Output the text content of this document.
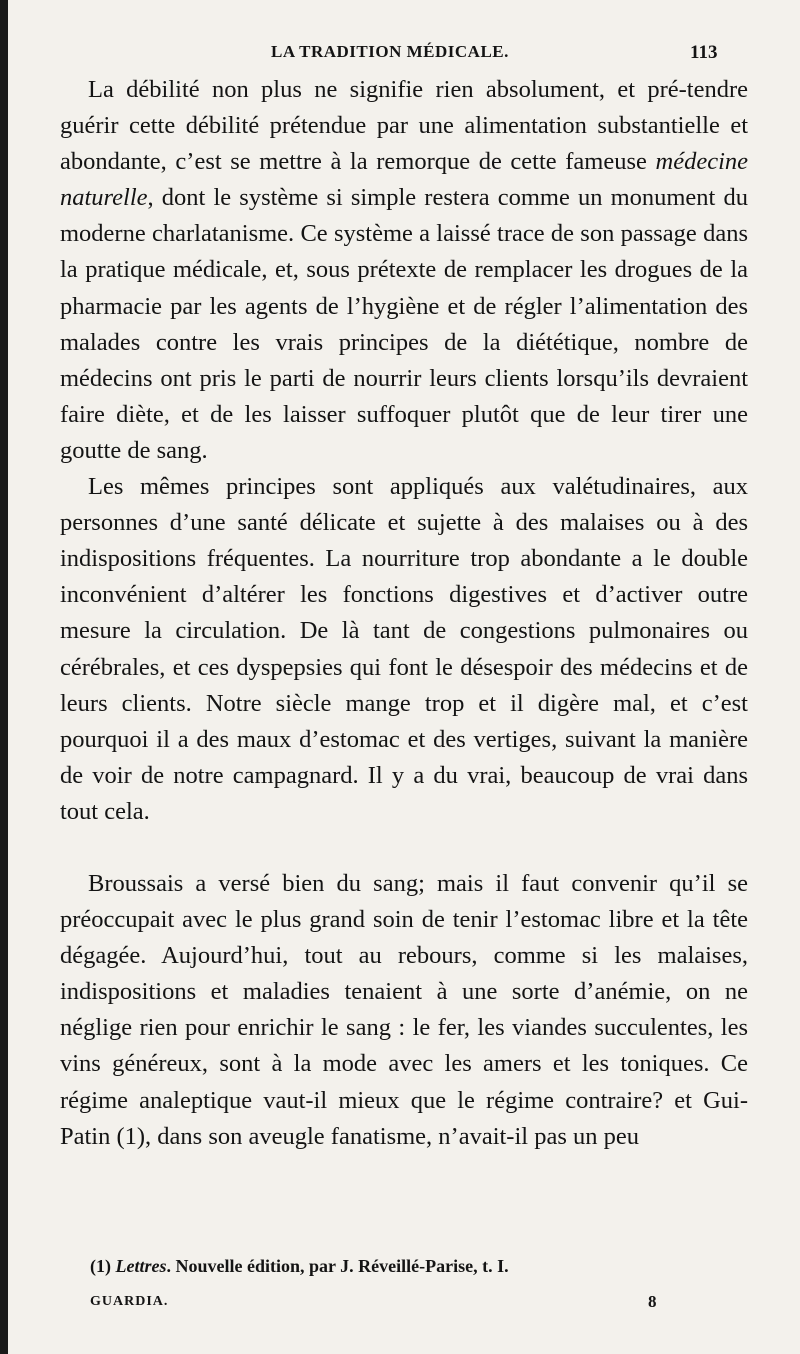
LA TRADITION MÉDICALE.	113

La débilité non plus ne signifie rien absolument, et pré-tendre guérir cette débilité prétendue par une alimentation substantielle et abondante, c’est se mettre à la remorque de cette fameuse médecine naturelle, dont le système si simple restera comme un monument du moderne charlatanisme. Ce système a laissé trace de son passage dans la pratique médicale, et, sous prétexte de remplacer les drogues de la pharmacie par les agents de l’hygiène et de régler l’alimentation des malades contre les vrais principes de la diététique, nombre de médecins ont pris le parti de nourrir leurs clients lorsqu’ils devraient faire diète, et de les laisser suffoquer plutôt que de leur tirer une goutte de sang.

Les mêmes principes sont appliqués aux valétudinaires, aux personnes d’une santé délicate et sujette à des malaises ou à des indispositions fréquentes. La nourriture trop abondante a le double inconvénient d’altérer les fonctions digestives et d’activer outre mesure la circulation. De là tant de congestions pulmonaires ou cérébrales, et ces dyspepsies qui font le désespoir des médecins et de leurs clients. Notre siècle mange trop et il digère mal, et c’est pourquoi il a des maux d’estomac et des vertiges, suivant la manière de voir de notre campagnard. Il y a du vrai, beaucoup de vrai dans tout cela.

Broussais a versé bien du sang; mais il faut convenir qu’il se préoccupait avec le plus grand soin de tenir l’estomac libre et la tête dégagée. Aujourd’hui, tout au rebours, comme si les malaises, indispositions et maladies tenaient à une sorte d’anémie, on ne néglige rien pour enrichir le sang : le fer, les viandes succulentes, les vins généreux, sont à la mode avec les amers et les toniques. Ce régime analeptique vaut-il mieux que le régime contraire? et Gui-Patin (1), dans son aveugle fanatisme, n’avait-il pas un peu

(1) Lettres. Nouvelle édition, par J. Réveillé-Parise, t. I.
GUARDIA.	8
